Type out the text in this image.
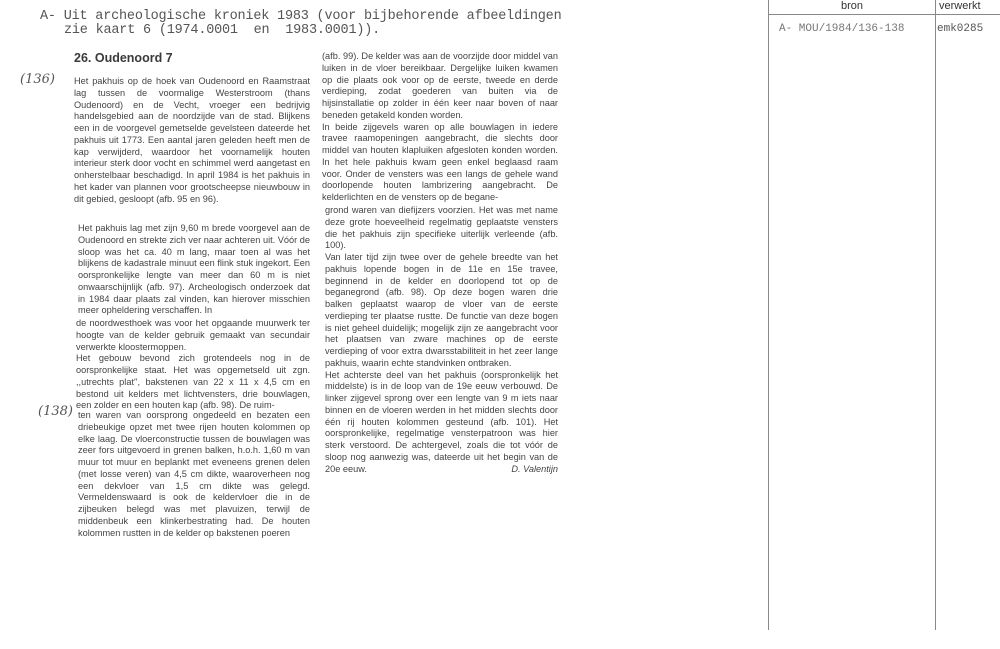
A- Uit archeologische kroniek 1983 (voor bijbehorende afbeeldingen
zie kaart 6 (1974.0001  en  1983.0001)).
26. Oudenoord 7
(136)
(138)

Het pakhuis op de hoek van Oudenoord en Raamstraat lag tussen de voormalige Westerstroom (thans Oudenoord) en de Vecht, vroeger een bedrijvig handelsgebied aan de noordzijde van de stad. Blijkens een in de voorgevel gemetselde gevelsteen dateerde het pakhuis uit 1773. Een aantal jaren geleden heeft men de kap verwijderd, waardoor het voornamelijk houten interieur sterk door vocht en schimmel werd aangetast en onherstelbaar beschadigd. In april 1984 is het pakhuis in het kader van plannen voor grootscheepse nieuwbouw in dit gebied, gesloopt (afb. 95 en 96).

Het pakhuis lag met zijn 9,60 m brede voorgevel aan de Oudenoord en strekte zich ver naar achteren uit. Vóór de sloop was het ca. 40 m lang, maar toen al was het blijkens de kadastrale minuut een flink stuk ingekort. Een oorspronkelijke lengte van meer dan 60 m is niet onwaarschijnlijk (afb. 97). Archeologisch onderzoek dat in 1984 daar plaats zal vinden, kan hierover misschien meer opheldering verschaffen. In

de noordwesthoek was voor het opgaande muurwerk ter hoogte van de kelder gebruik gemaakt van secundair verwerkte kloostermoppen.

Het gebouw bevond zich grotendeels nog in de oorspronkelijke staat. Het was opgemetseld uit zgn. ,,utrechts plat'', bakstenen van 22 x 11 x 4,5 cm en bestond uit kelders met lichtvensters, drie bouwlagen, een zolder en een houten kap (afb. 98). De ruim-

ten waren van oorsprong ongedeeld en bezaten een driebeukige opzet met twee rijen houten kolommen op elke laag. De vloerconstructie tussen de bouwlagen was zeer fors uitgevoerd in grenen balken, h.o.h. 1,60 m van muur tot muur en beplankt met eveneens grenen delen (met losse veren) van 4,5 cm dikte, waaroverheen nog een dekvloer van 1,5 cm dikte was gelegd. Vermeldenswaard is ook de keldervloer die in de zijbeuken belegd was met plavuizen, terwijl de middenbeuk een klinkerbestrating had. De houten kolommen rustten in de kelder op bakstenen poeren

(afb. 99). De kelder was aan de voorzijde door middel van luiken in de vloer bereikbaar. Dergelijke luiken kwamen op die plaats ook voor op de eerste, tweede en derde verdieping, zodat goederen van buiten via de hijsinstallatie op zolder in één keer naar boven of naar beneden getakeld konden worden.

In beide zijgevels waren op alle bouwlagen in iedere travee raamopeningen aangebracht, die slechts door middel van houten klapluiken afgesloten konden worden. In het hele pakhuis kwam geen enkel beglaasd raam voor. Onder de vensters was een langs de gehele wand doorlopende houten lambrizering aangebracht. De kelderlichten en de vensters op de begane-

grond waren van diefijzers voorzien. Het was met name deze grote hoeveelheid regelmatig geplaatste vensters die het pakhuis zijn specifieke uiterlijk verleende (afb. 100).

Van later tijd zijn twee over de gehele breedte van het pakhuis lopende bogen in de 11e en 15e travee, beginnend in de kelder en doorlopend tot op de beganegrond (afb. 98). Op deze bogen waren drie balken geplaatst waarop de vloer van de eerste verdieping ter plaatse rustte. De functie van deze bogen is niet geheel duidelijk; mogelijk zijn ze aangebracht voor het plaatsen van zware machines op de eerste verdieping of voor extra dwarsstabiliteit in het zeer lange pakhuis, waarin echte standvinken ontbraken.

Het achterste deel van het pakhuis (oorspronkelijk het middelste) is in de loop van de 19e eeuw verbouwd. De linker zijgevel sprong over een lengte van 9 m iets naar binnen en de vloeren werden in het midden slechts door één rij houten kolommen gesteund (afb. 101). Het oorspronkelijke, regelmatige vensterpatroon was hier sterk verstoord. De achtergevel, zoals die tot vóór de sloop nog aanwezig was, dateerde uit het begin van de 20e eeuw.	D. Valentijn

bron	verwerkt
A- MOU/1984/136-138	emk0285
